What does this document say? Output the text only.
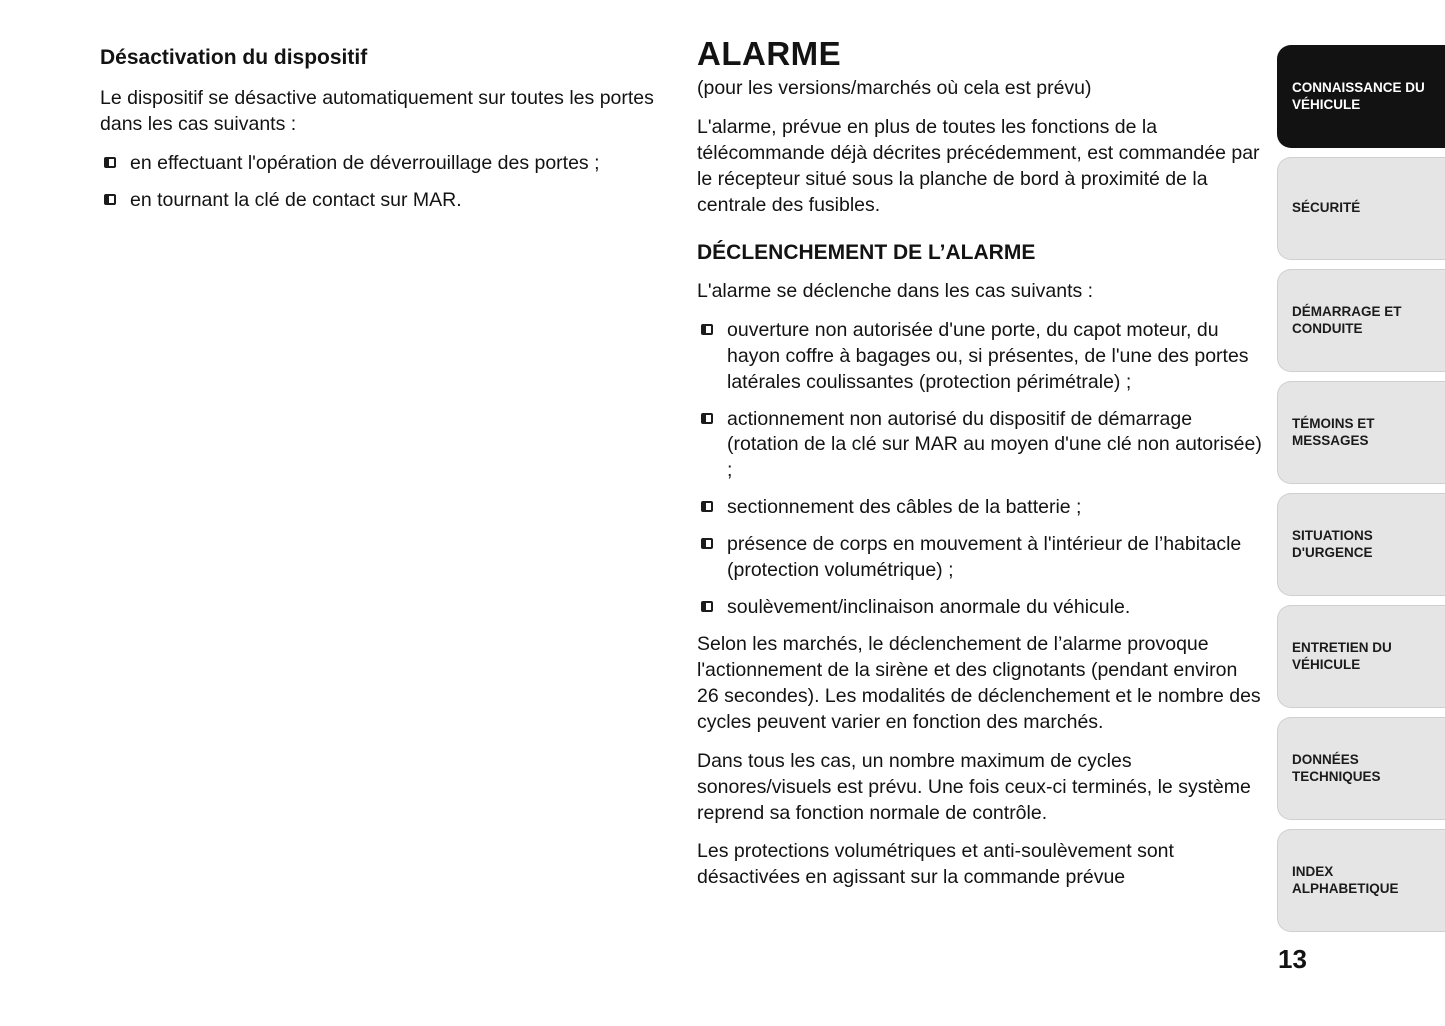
Désactivation du dispositif
Le dispositif se désactive automatiquement sur toutes les portes dans les cas suivants :
en effectuant l'opération de déverrouillage des portes ;
en tournant la clé de contact sur MAR.
ALARME
(pour les versions/marchés où cela est prévu)
L'alarme, prévue en plus de toutes les fonctions de la télécommande déjà décrites précédemment, est commandée par le récepteur situé sous la planche de bord à proximité de la centrale des fusibles.
DÉCLENCHEMENT DE L’ALARME
L'alarme se déclenche dans les cas suivants :
ouverture non autorisée d'une porte, du capot moteur, du hayon coffre à bagages ou, si présentes, de l'une des portes latérales coulissantes (protection périmétrale) ;
actionnement non autorisé du dispositif de démarrage (rotation de la clé sur MAR au moyen d'une clé non autorisée) ;
sectionnement des câbles de la batterie ;
présence de corps en mouvement à l'intérieur de l’habitacle (protection volumétrique) ;
soulèvement/inclinaison anormale du véhicule.
Selon les marchés, le déclenchement de l’alarme provoque l'actionnement de la sirène et des clignotants (pendant environ 26 secondes). Les modalités de déclenchement et le nombre des cycles peuvent varier en fonction des marchés.
Dans tous les cas, un nombre maximum de cycles sonores/visuels est prévu. Une fois ceux-ci terminés, le système reprend sa fonction normale de contrôle.
Les protections volumétriques et anti-soulèvement sont désactivées en agissant sur la commande prévue
CONNAISSANCE DU VÉHICULE
SÉCURITÉ
DÉMARRAGE ET CONDUITE
TÉMOINS ET MESSAGES
SITUATIONS D'URGENCE
ENTRETIEN DU VÉHICULE
DONNÉES TECHNIQUES
INDEX ALPHABETIQUE
13
